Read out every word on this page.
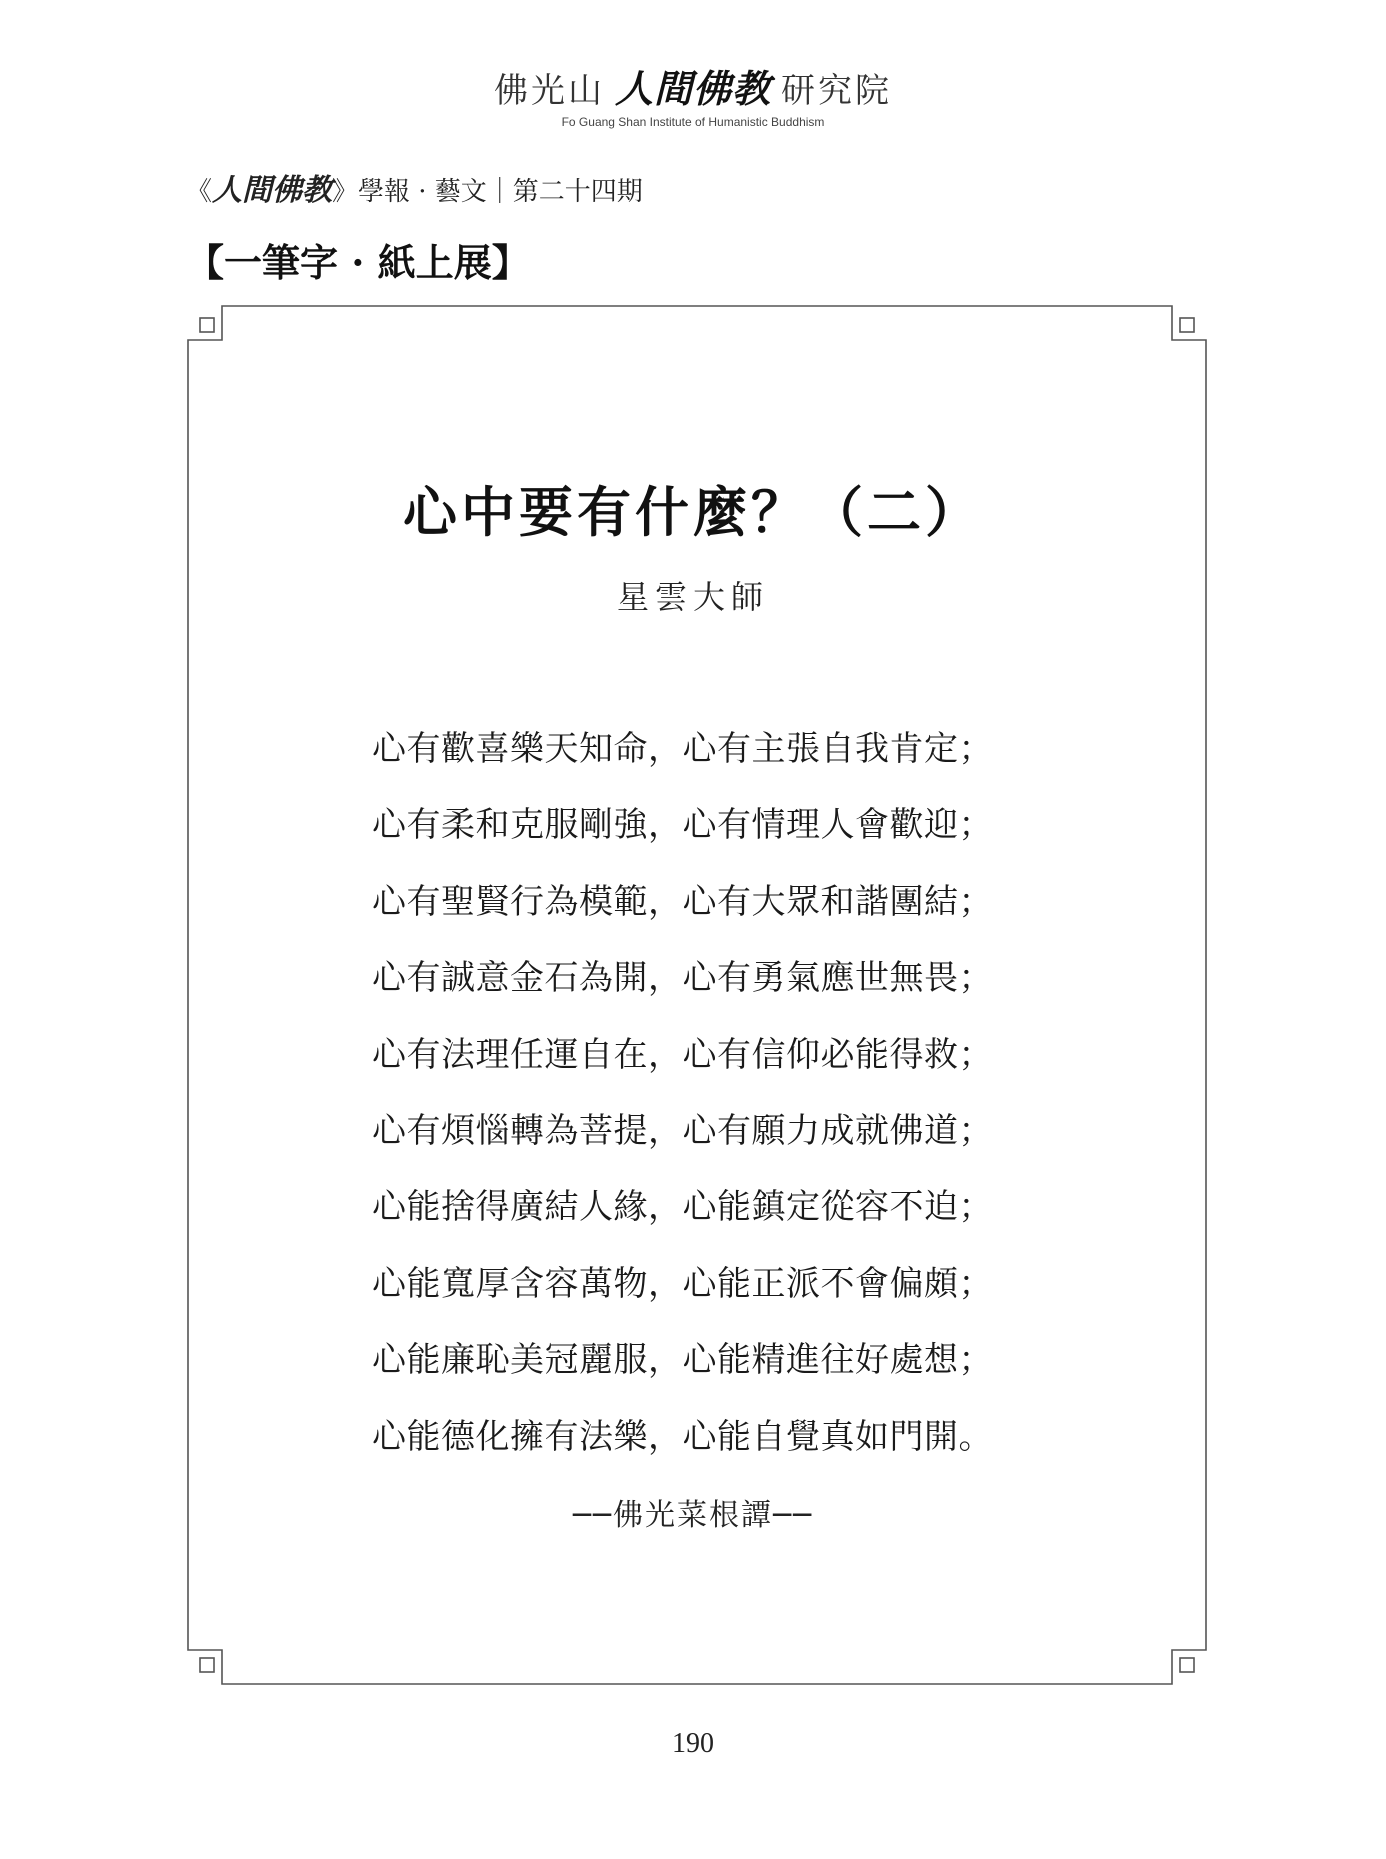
佛光山 人間佛教 研究院
Fo Guang Shan Institute of Humanistic Buddhism
《人間佛教》學報 · 藝文｜第二十四期
【一筆字 · 紙上展】
心中要有什麼？（二）
星雲大師
心有歡喜樂天知命，心有主張自我肯定；
心有柔和克服剛強，心有情理人會歡迎；
心有聖賢行為模範，心有大眾和諧團結；
心有誠意金石為開，心有勇氣應世無畏；
心有法理任運自在，心有信仰必能得救；
心有煩惱轉為菩提，心有願力成就佛道；
心能捨得廣結人緣，心能鎮定從容不迫；
心能寬厚含容萬物，心能正派不會偏頗；
心能廉恥美冠麗服，心能精進往好處想；
心能德化擁有法樂，心能自覺真如門開。
──佛光菜根譚──
190
